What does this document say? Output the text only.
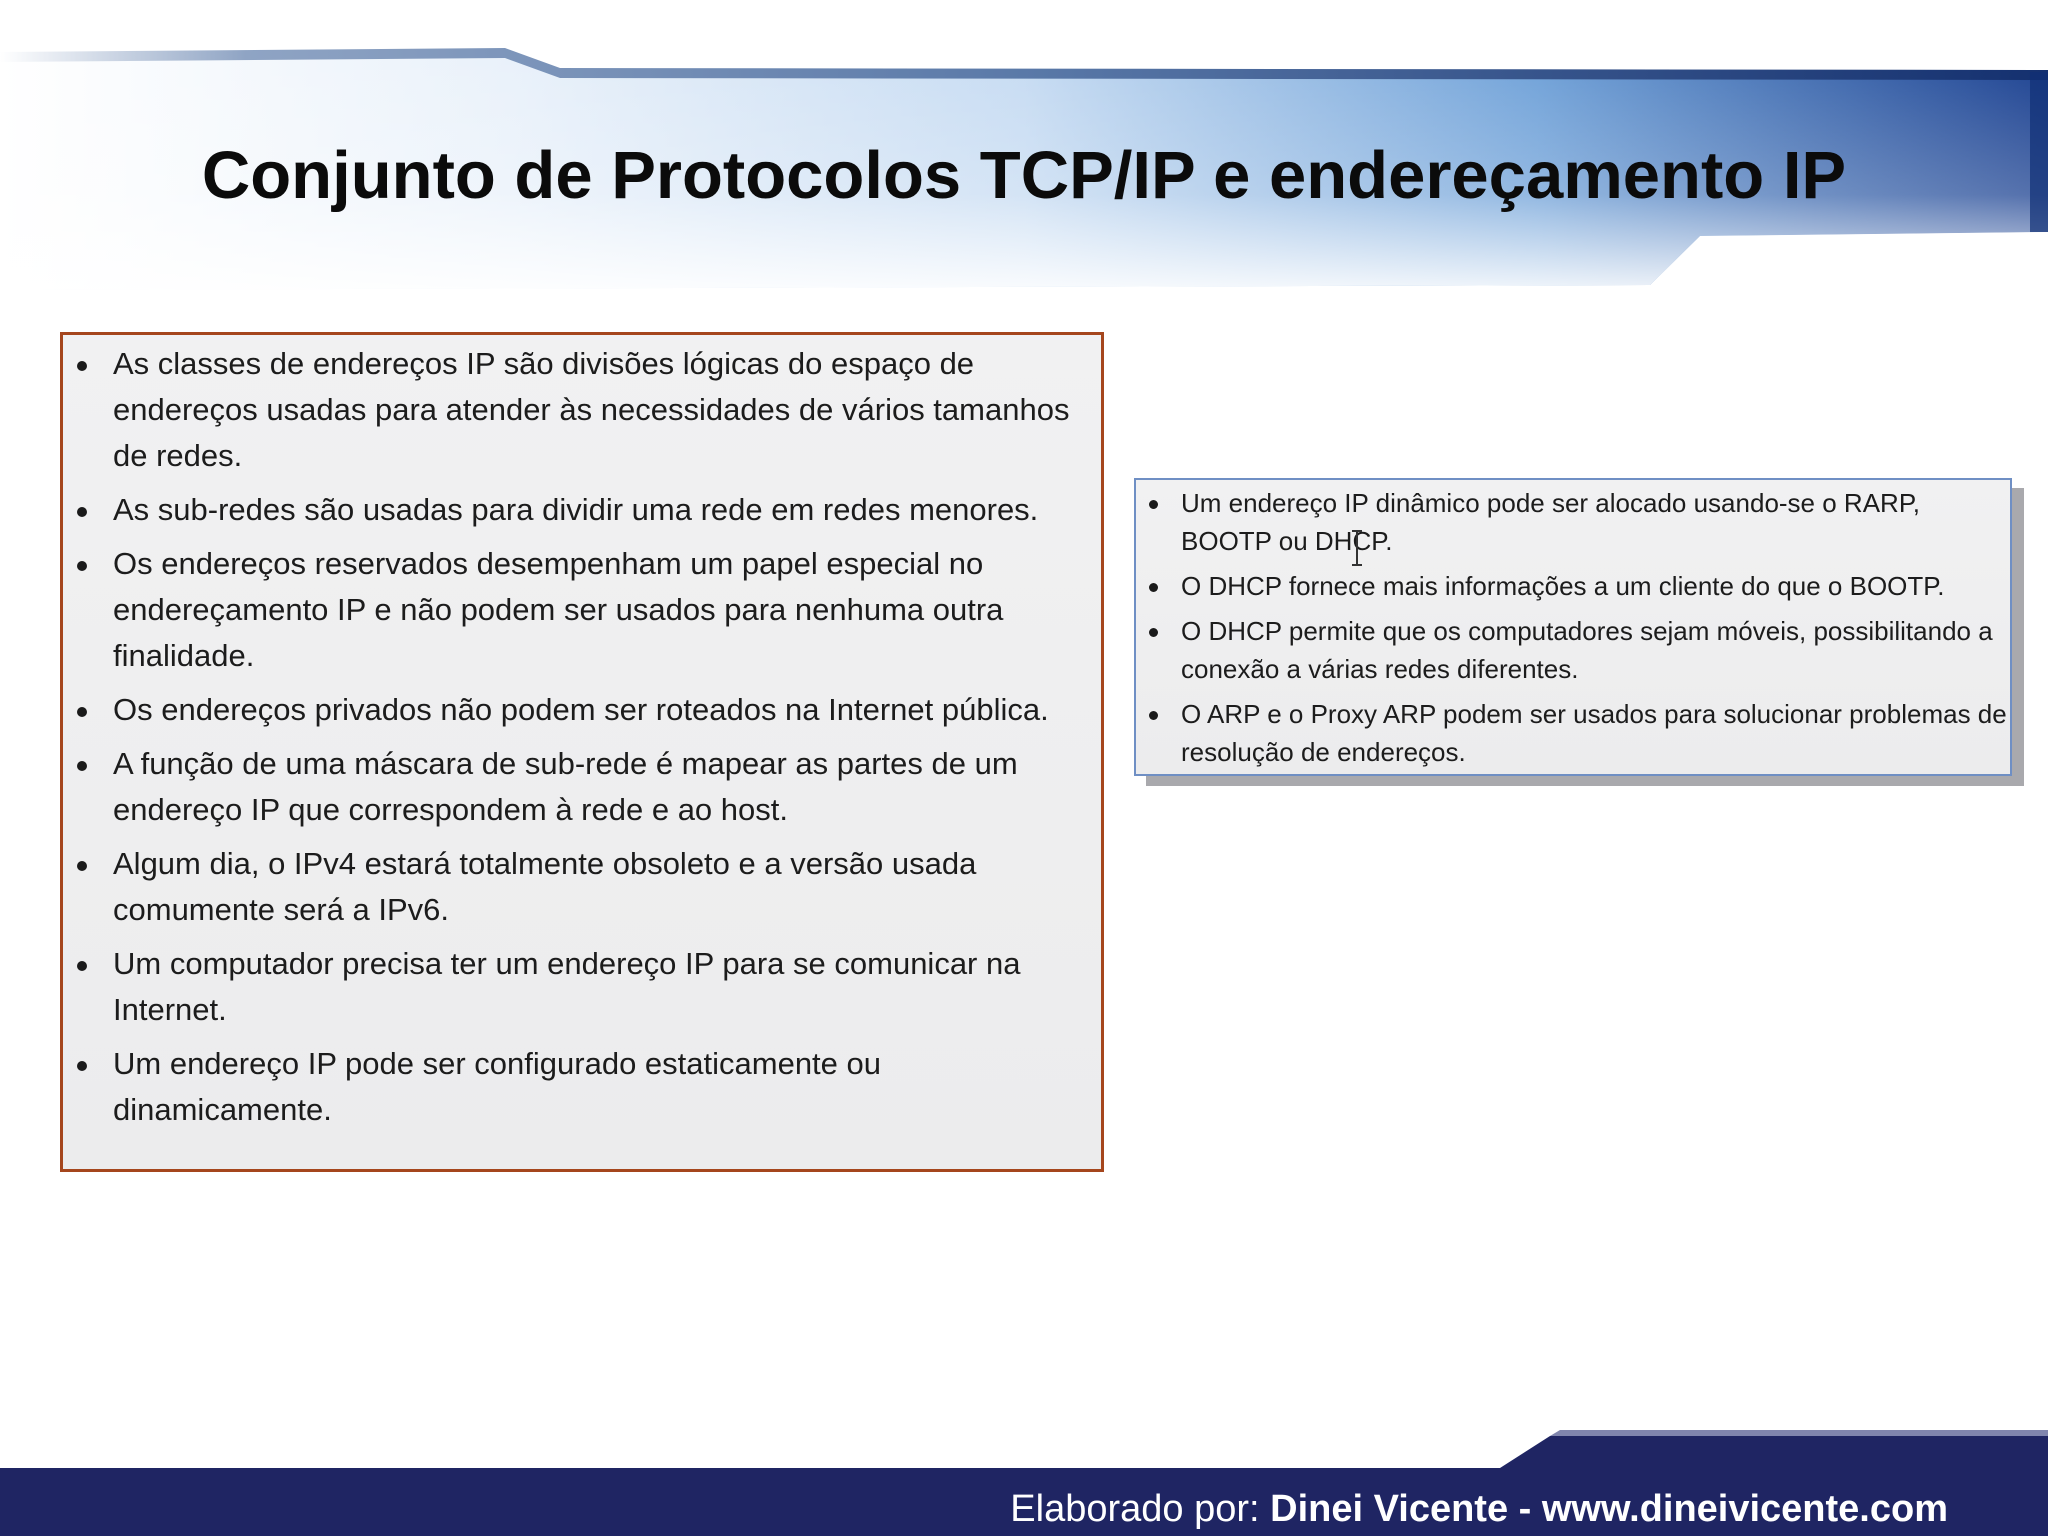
Conjunto de Protocolos TCP/IP e endereçamento IP
As classes de endereços IP são divisões lógicas do espaço de endereços usadas para atender às necessidades de vários tamanhos de redes.
As sub-redes são usadas para dividir uma rede em redes menores.
Os endereços reservados desempenham um papel especial no endereçamento IP e não podem ser usados para nenhuma outra finalidade.
Os endereços privados não podem ser roteados na Internet pública.
A função de uma máscara de sub-rede é mapear as partes de um endereço IP que correspondem à rede e ao host.
Algum dia, o IPv4 estará totalmente obsoleto e a versão usada comumente será a IPv6.
Um computador precisa ter um endereço IP para se comunicar na Internet.
Um endereço IP pode ser configurado estaticamente ou dinamicamente.
Um endereço IP dinâmico pode ser alocado usando-se o RARP, BOOTP ou DHCP.
O DHCP fornece mais informações a um cliente do que o BOOTP.
O DHCP permite que os computadores sejam móveis, possibilitando a conexão a várias redes diferentes.
O ARP e o Proxy ARP podem ser usados para solucionar problemas de resolução de endereços.
Elaborado por: Dinei Vicente - www.dineivicente.com
